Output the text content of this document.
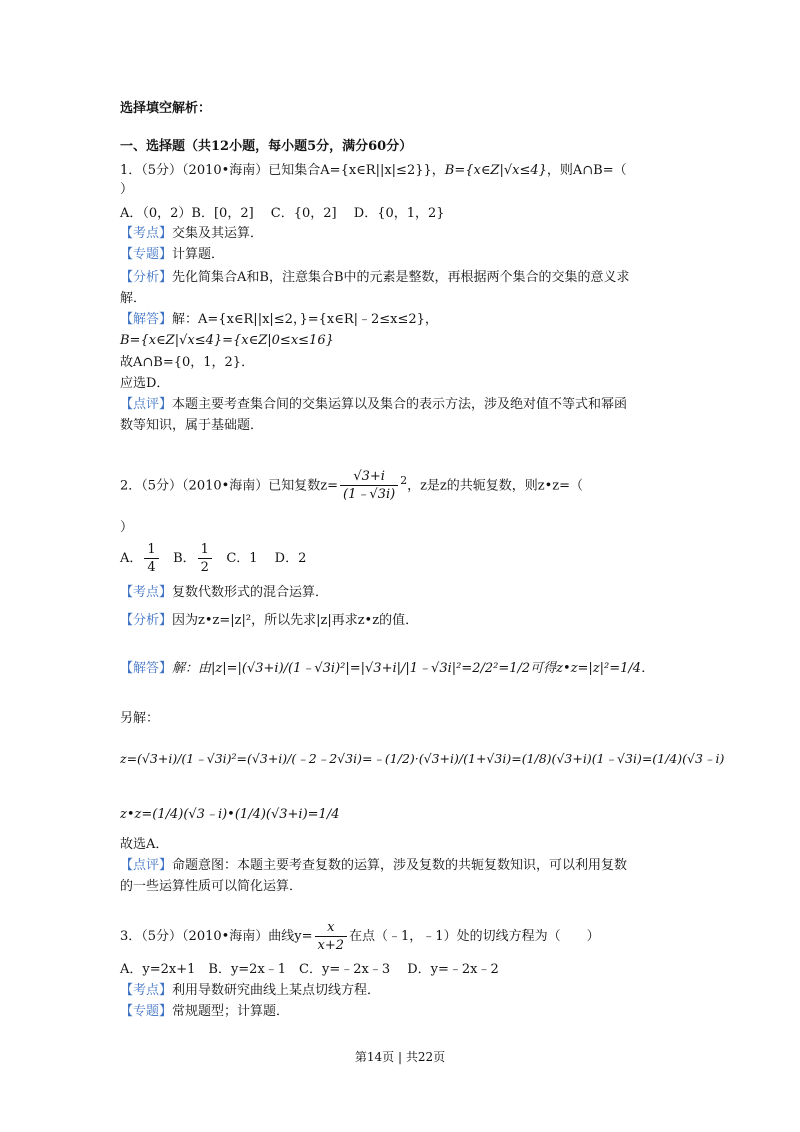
选择填空解析：
一、选择题（共12小题，每小题5分，满分60分）
1．（5分）（2010•海南）已知集合A={x∈R||x|≤2}}，B={x∈Z|√x≤4}，则A∩B=（
）
A．（0，2）B．[0，2]　 C．{0，2]　 D．{0，1，2}
【考点】交集及其运算．
【专题】计算题．
【分析】先化简集合A和B，注意集合B中的元素是整数，再根据两个集合的交集的意义求
解．
【解答】解：A={x∈R||x|≤2，}={x∈R|﹣2≤x≤2}，
B={x∈Z|√x≤4}={x∈Z|0≤x≤16}
故A∩B={0，1，2}．
应选D．
【点评】本题主要考查集合间的交集运算以及集合的表示方法，涉及绝对值不等式和幂函
数等知识，属于基础题．
2．（5分）（2010•海南）已知复数$z= \frac{√3+i}{(1﹣√3i)} ^2$，z是z的共轭复数，则z•z=（
）
A． $\frac{1}{4}$ B． $\frac{1}{2}$ C．1　 D．2
【考点】复数代数形式的混合运算．
【分析】因为z•z=|z|²，所以先求|z|再求z•z的值．
【解答】解：由|z|=|(√3+i)/(1﹣√3i)²|=|√3+i|/|1﹣√3i|²=2/2²=1/2可得z•z=|z|²=1/4．
另解：
z=(√3+i)/(1﹣√3i)²=(√3+i)/(﹣2﹣2√3i)=﹣(1/2)·(√3+i)/(1+√3i)=(1/8)(√3+i)(1﹣√3i)=(1/4)(√3﹣i)
z•z=(1/4)(√3﹣i)•(1/4)(√3+i)=1/4
故选A．
【点评】命题意图：本题主要考查复数的运算，涉及复数的共轭复数知识，可以利用复数
的一些运算性质可以简化运算．
3．（5分）（2010•海南）曲线$y= \frac{x}{x+2}$ 在点（﹣1，﹣1）处的切线方程为（　　）
A．y=2x+1　B．y=2x﹣1　C．y=﹣2x﹣3　 D．y=﹣2x﹣2
【考点】利用导数研究曲线上某点切线方程．
【专题】常规题型；计算题．
第14页 | 共22页
